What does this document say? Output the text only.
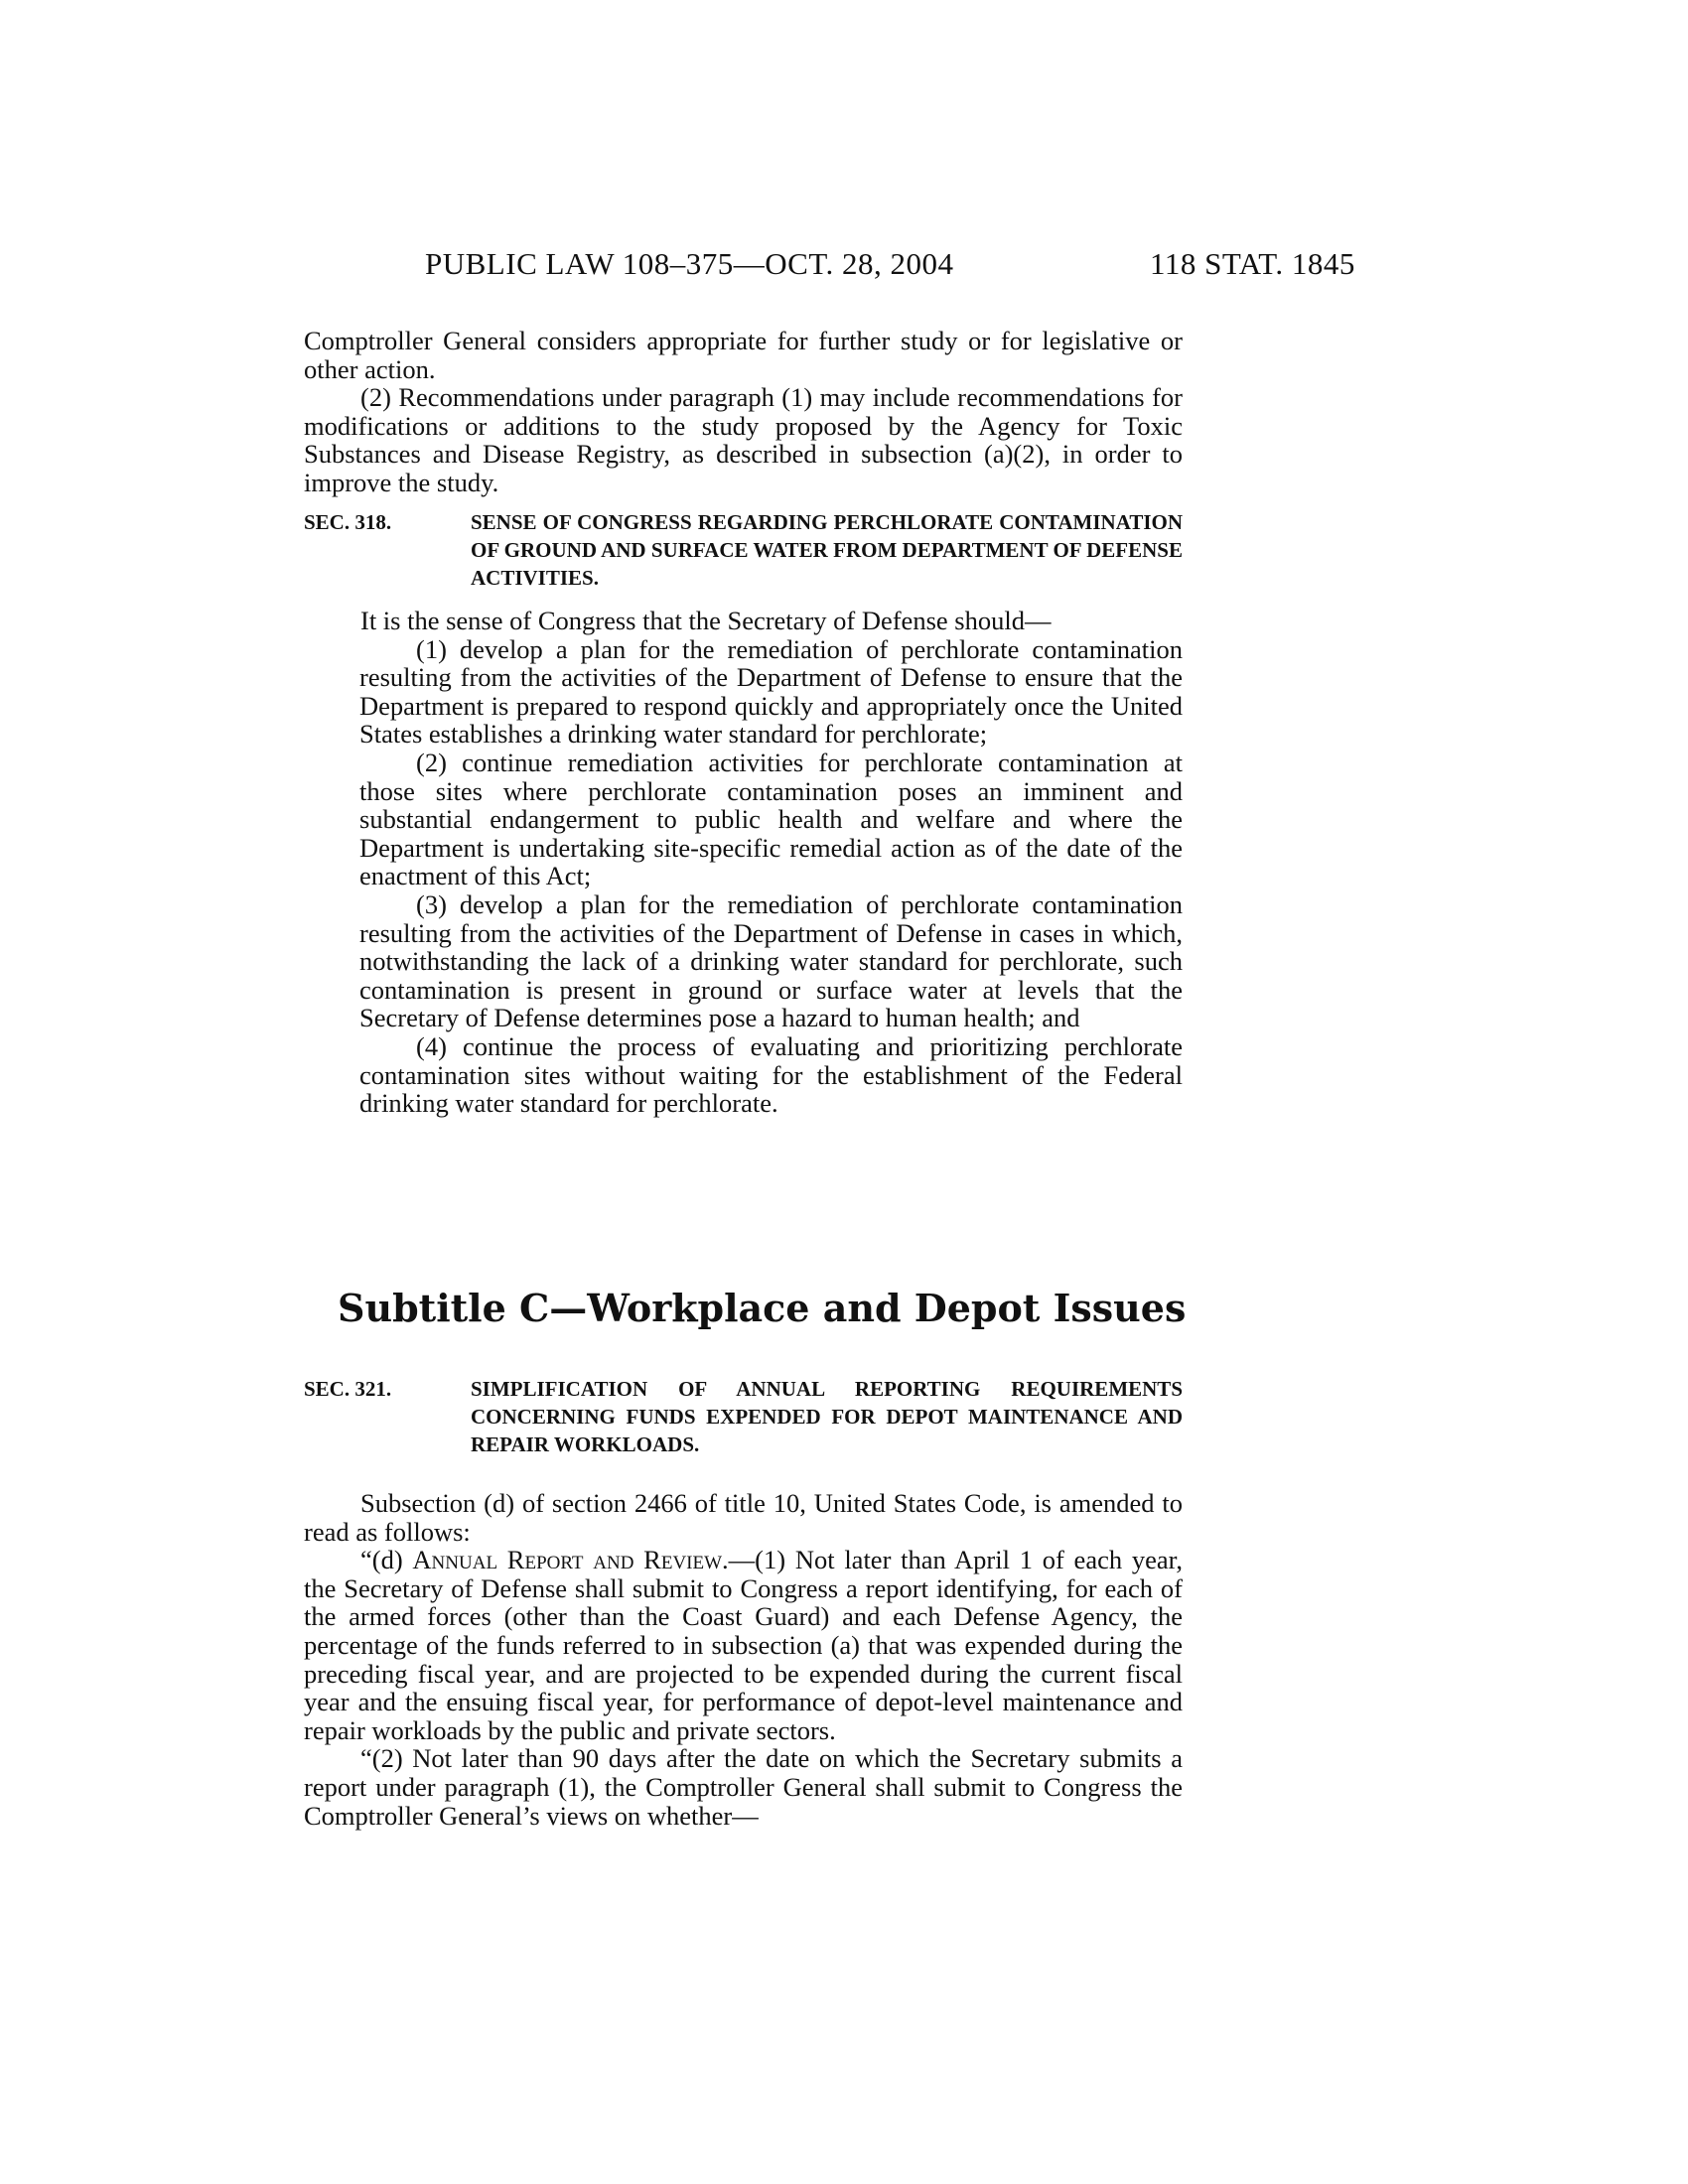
PUBLIC LAW 108–375—OCT. 28, 2004	118 STAT. 1845

Comptroller General considers appropriate for further study or for legislative or other action.

(2) Recommendations under paragraph (1) may include recommendations for modifications or additions to the study proposed by the Agency for Toxic Substances and Disease Registry, as described in subsection (a)(2), in order to improve the study.

SEC. 318.	SENSE OF CONGRESS REGARDING PERCHLORATE CONTAMINATION OF GROUND AND SURFACE WATER FROM DEPARTMENT OF DEFENSE ACTIVITIES.

It is the sense of Congress that the Secretary of Defense should—

(1) develop a plan for the remediation of perchlorate contamination resulting from the activities of the Department of Defense to ensure that the Department is prepared to respond quickly and appropriately once the United States establishes a drinking water standard for perchlorate;

(2) continue remediation activities for perchlorate contamination at those sites where perchlorate contamination poses an imminent and substantial endangerment to public health and welfare and where the Department is undertaking site-specific remedial action as of the date of the enactment of this Act;

(3) develop a plan for the remediation of perchlorate contamination resulting from the activities of the Department of Defense in cases in which, notwithstanding the lack of a drinking water standard for perchlorate, such contamination is present in ground or surface water at levels that the Secretary of Defense determines pose a hazard to human health; and

(4) continue the process of evaluating and prioritizing perchlorate contamination sites without waiting for the establishment of the Federal drinking water standard for perchlorate.

Subtitle C—Workplace and Depot Issues

SEC. 321.	SIMPLIFICATION OF ANNUAL REPORTING REQUIREMENTS CONCERNING FUNDS EXPENDED FOR DEPOT MAINTENANCE AND REPAIR WORKLOADS.

Subsection (d) of section 2466 of title 10, United States Code, is amended to read as follows:

“(d) Annual Report and Review.—(1) Not later than April 1 of each year, the Secretary of Defense shall submit to Congress a report identifying, for each of the armed forces (other than the Coast Guard) and each Defense Agency, the percentage of the funds referred to in subsection (a) that was expended during the preceding fiscal year, and are projected to be expended during the current fiscal year and the ensuing fiscal year, for performance of depot-level maintenance and repair workloads by the public and private sectors.

“(2) Not later than 90 days after the date on which the Secretary submits a report under paragraph (1), the Comptroller General shall submit to Congress the Comptroller General’s views on whether—
